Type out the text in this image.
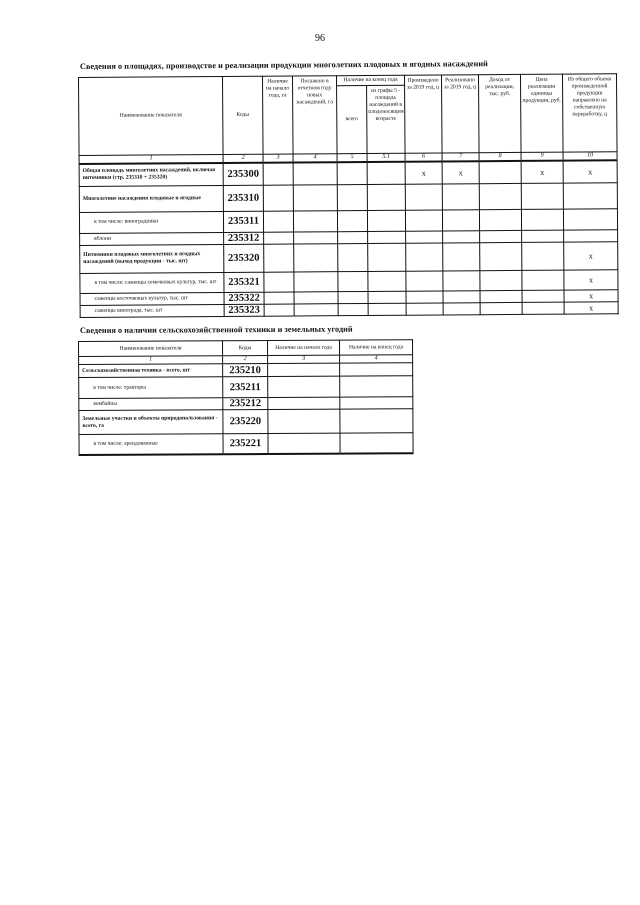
96
Сведения о площадях, производстве и реализации продукции многолетних плодовых и ягодных насаждений
Наименование показателя	Коды	Наличие на начало года, га	Посажено в отчетном году новых насаждений, га	Наличие на конец года		Произведено за 2019 год, ц	Реализовано за 2019 год, ц	Доход от реализации, тыс. руб.	Цена реализации единицы продукции, руб.	Из общего объема произведенной продукции направлено на собственную переработку, ц
				всего	из графы 5 - площадь насаждений в плодоносящем возрасте					
1	2	3	4	5	5.1	6	7	8	9	10
Общая площадь многолетних насаждений, включая питомники (стр. 235310 + 235320)	235300					x	x		x	x
Многолетние насаждения плодовые и ягодные	235310									
в том числе: виноградники	235311									
яблони	235312									
Питомники плодовых многолетних и ягодных насаждений (выход продукции - тыс. шт)	235320									x
в том числе: саженцы семечковых культур, тыс. шт	235321									x
саженцы косточковых культур, тыс. шт	235322									x
саженцы винограда, тыс. шт	235323									x
Сведения о наличии сельскохозяйственной техники и земельных угодий
Наименование показателя	Коды	Наличие на начало года	Наличие на конец года
1	2	3	4
Сельскохозяйственная техника - всего, шт	235210		
в том числе: тракторы	235211		
комбайны	235212		
Земельные участки и объекты природопользования - всего, га	235220		
в том числе: арендованные	235221		
